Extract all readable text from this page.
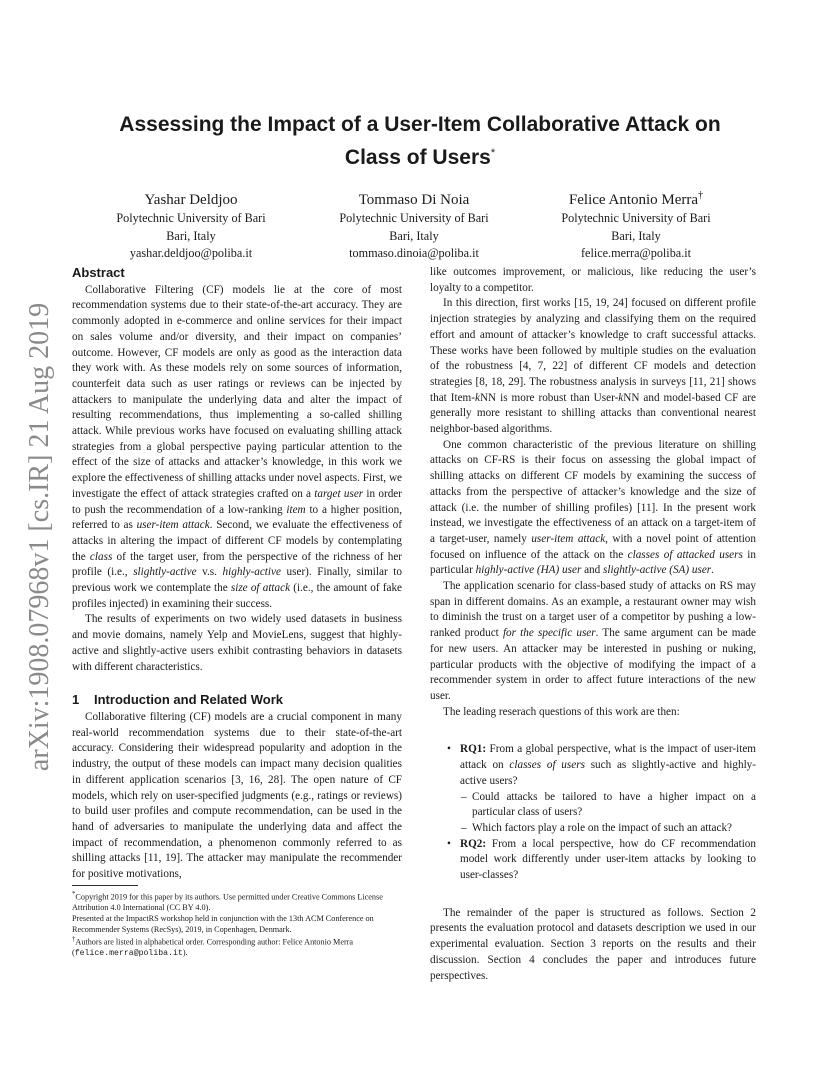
arXiv:1908.07968v1 [cs.IR] 21 Aug 2019
Assessing the Impact of a User-Item Collaborative Attack on
Class of Users*
Yashar Deldjoo
Polytechnic University of Bari
Bari, Italy
yashar.deldjoo@poliba.it
Tommaso Di Noia
Polytechnic University of Bari
Bari, Italy
tommaso.dinoia@poliba.it
Felice Antonio Merra†
Polytechnic University of Bari
Bari, Italy
felice.merra@poliba.it
Abstract

Collaborative Filtering (CF) models lie at the core of most recommendation systems due to their state-of-the-art accuracy. They are commonly adopted in e-commerce and online services for their impact on sales volume and/or diversity, and their impact on companies’ outcome. However, CF models are only as good as the interaction data they work with. As these models rely on some sources of information, counterfeit data such as user ratings or reviews can be injected by attackers to manipulate the underlying data and alter the impact of resulting recommendations, thus implementing a so-called shilling attack. While previous works have focused on evaluating shilling attack strategies from a global perspective paying particular attention to the effect of the size of attacks and attacker’s knowledge, in this work we explore the effectiveness of shilling attacks under novel aspects. First, we investigate the effect of attack strategies crafted on a target user in order to push the recommendation of a low-ranking item to a higher position, referred to as user-item attack. Second, we evaluate the effectiveness of attacks in altering the impact of different CF models by contemplating the class of the target user, from the perspective of the richness of her profile (i.e., slightly-active v.s. highly-active user). Finally, similar to previous work we contemplate the size of attack (i.e., the amount of fake profiles injected) in examining their success.

The results of experiments on two widely used datasets in business and movie domains, namely Yelp and MovieLens, suggest that highly-active and slightly-active users exhibit contrasting behaviors in datasets with different characteristics.

1 Introduction and Related Work

Collaborative filtering (CF) models are a crucial component in many real-world recommendation systems due to their state-of-the-art accuracy. Considering their widespread popularity and adoption in the industry, the output of these models can impact many decision qualities in different application scenarios [3, 16, 28]. The open nature of CF models, which rely on user-specified judgments (e.g., ratings or reviews) to build user profiles and compute recommendation, can be used in the hand of adversaries to manipulate the underlying data and affect the impact of recommendation, a phenomenon commonly referred to as shilling attacks [11, 19]. The attacker may manipulate the recommender for positive motivations,

like outcomes improvement, or malicious, like reducing the user’s loyalty to a competitor.

In this direction, first works [15, 19, 24] focused on different profile injection strategies by analyzing and classifying them on the required effort and amount of attacker’s knowledge to craft successful attacks. These works have been followed by multiple studies on the evaluation of the robustness [4, 7, 22] of different CF models and detection strategies [8, 18, 29]. The robustness analysis in surveys [11, 21] shows that Item-kNN is more robust than User-kNN and model-based CF are generally more resistant to shilling attacks than conventional nearest neighbor-based algorithms.

One common characteristic of the previous literature on shilling attacks on CF-RS is their focus on assessing the global impact of shilling attacks on different CF models by examining the success of attacks from the perspective of attacker’s knowledge and the size of attack (i.e. the number of shilling profiles) [11]. In the present work instead, we investigate the effectiveness of an attack on a target-item of a target-user, namely user-item attack, with a novel point of attention focused on influence of the attack on the classes of attacked users in particular highly-active (HA) user and slightly-active (SA) user.

The application scenario for class-based study of attacks on RS may span in different domains. As an example, a restaurant owner may wish to diminish the trust on a target user of a competitor by pushing a low-ranked product for the specific user. The same argument can be made for new users. An attacker may be interested in pushing or nuking, particular products with the objective of modifying the impact of a recommender system in order to affect future interactions of the new user.

The leading reserach questions of this work are then:

• RQ1: From a global perspective, what is the impact of user-item attack on classes of users such as slightly-active and highly-active users?
– Could attacks be tailored to have a higher impact on a particular class of users?
– Which factors play a role on the impact of such an attack?
• RQ2: From a local perspective, how do CF recommendation model work differently under user-item attacks by looking to user-classes?

The remainder of the paper is structured as follows. Section 2 presents the evaluation protocol and datasets description we used in our experimental evaluation. Section 3 reports on the results and their discussion. Section 4 concludes the paper and introduces future perspectives.

*Copyright 2019 for this paper by its authors. Use permitted under Creative Commons License Attribution 4.0 International (CC BY 4.0).
Presented at the ImpactRS workshop held in conjunction with the 13th ACM Conference on Recommender Systems (RecSys), 2019, in Copenhagen, Denmark.
†Authors are listed in alphabetical order. Corresponding author: Felice Antonio Merra (felice.merra@poliba.it).
